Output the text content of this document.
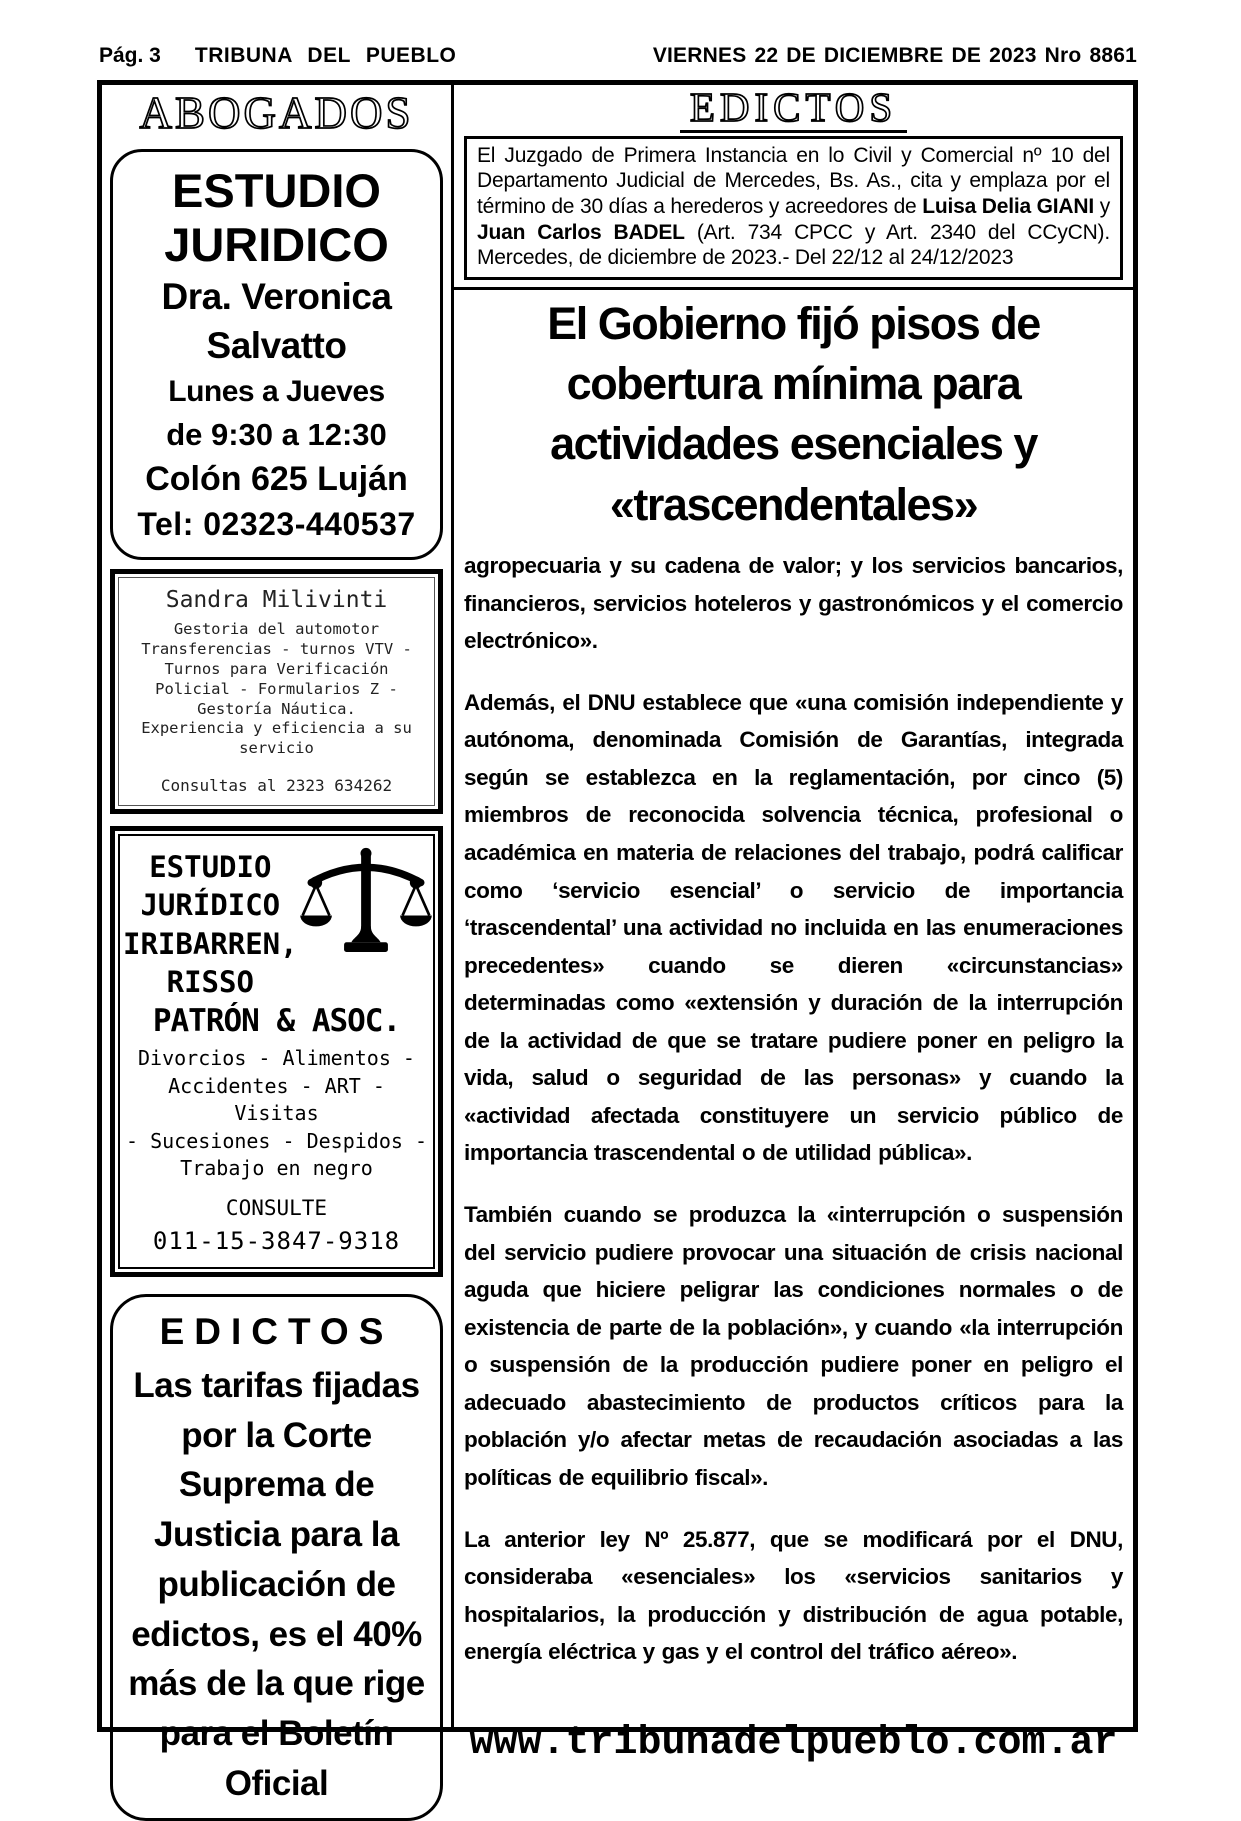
Pág. 3 TRIBUNA DEL PUEBLO	VIERNES 22 DE DICIEMBRE DE 2023 Nro 8861
ABOGADOS
ESTUDIO
JURIDICO
Dra. Veronica
Salvatto
Lunes a Jueves
de 9:30 a 12:30
Colón 625 Luján
Tel: 02323-440537
Sandra Milivinti
Gestoria del automotor
Transferencias - turnos VTV -
Turnos para Verificación
Policial - Formularios Z -
Gestoría Náutica.
Experiencia y eficiencia a su
servicio
Consultas al 2323 634262
ESTUDIO
JURÍDICO
IRIBARREN,
RISSO
PATRÓN & ASOC.
Divorcios - Alimentos -
Accidentes - ART - Visitas
- Sucesiones - Despidos -
Trabajo en negro
CONSULTE
011-15-3847-9318
EDICTOS
Las tarifas fijadas
por la Corte
Suprema de
Justicia para la
publicación de
edictos, es el 40%
más de la que rige
para el Boletín
Oficial
EDICTOS
El Juzgado de Primera Instancia en lo Civil y Comercial nº 10 del Departamento Judicial de Mercedes, Bs. As., cita y emplaza por el término de 30 días a herederos y acreedores de Luisa Delia GIANI y Juan Carlos BADEL (Art. 734 CPCC y Art. 2340 del CCyCN). Mercedes, de diciembre de 2023.- Del 22/12 al 24/12/2023
El Gobierno fijó pisos de
cobertura mínima para
actividades esenciales y
«trascendentales»

agropecuaria y su cadena de valor; y los servicios bancarios, financieros, servicios hoteleros y gastronómicos y el comercio electrónico».

Además, el DNU establece que «una comisión independiente y autónoma, denominada Comisión de Garantías, integrada según se establezca en la reglamentación, por cinco (5) miembros de reconocida solvencia técnica, profesional o académica en materia de relaciones del trabajo, podrá calificar como ‘servicio esencial’ o servicio de importancia ‘trascendental’ una actividad no incluida en las enumeraciones precedentes» cuando se dieren «circunstancias» determinadas como «extensión y duración de la interrupción de la actividad de que se tratare pudiere poner en peligro la vida, salud o seguridad de las personas» y cuando la «actividad afectada constituyere un servicio público de importancia trascendental o de utilidad pública».

También cuando se produzca la «interrupción o suspensión del servicio pudiere provocar una situación de crisis nacional aguda que hiciere peligrar las condiciones normales o de existencia de parte de la población», y cuando «la interrupción o suspensión de la producción pudiere poner en peligro el adecuado abastecimiento de productos críticos para la población y/o afectar metas de recaudación asociadas a las políticas de equilibrio fiscal».

La anterior ley Nº 25.877, que se modificará por el DNU, consideraba «esenciales» los «servicios sanitarios y hospitalarios, la producción y distribución de agua potable, energía eléctrica y gas y el control del tráfico aéreo».

www.tribunadelpueblo.com.ar
